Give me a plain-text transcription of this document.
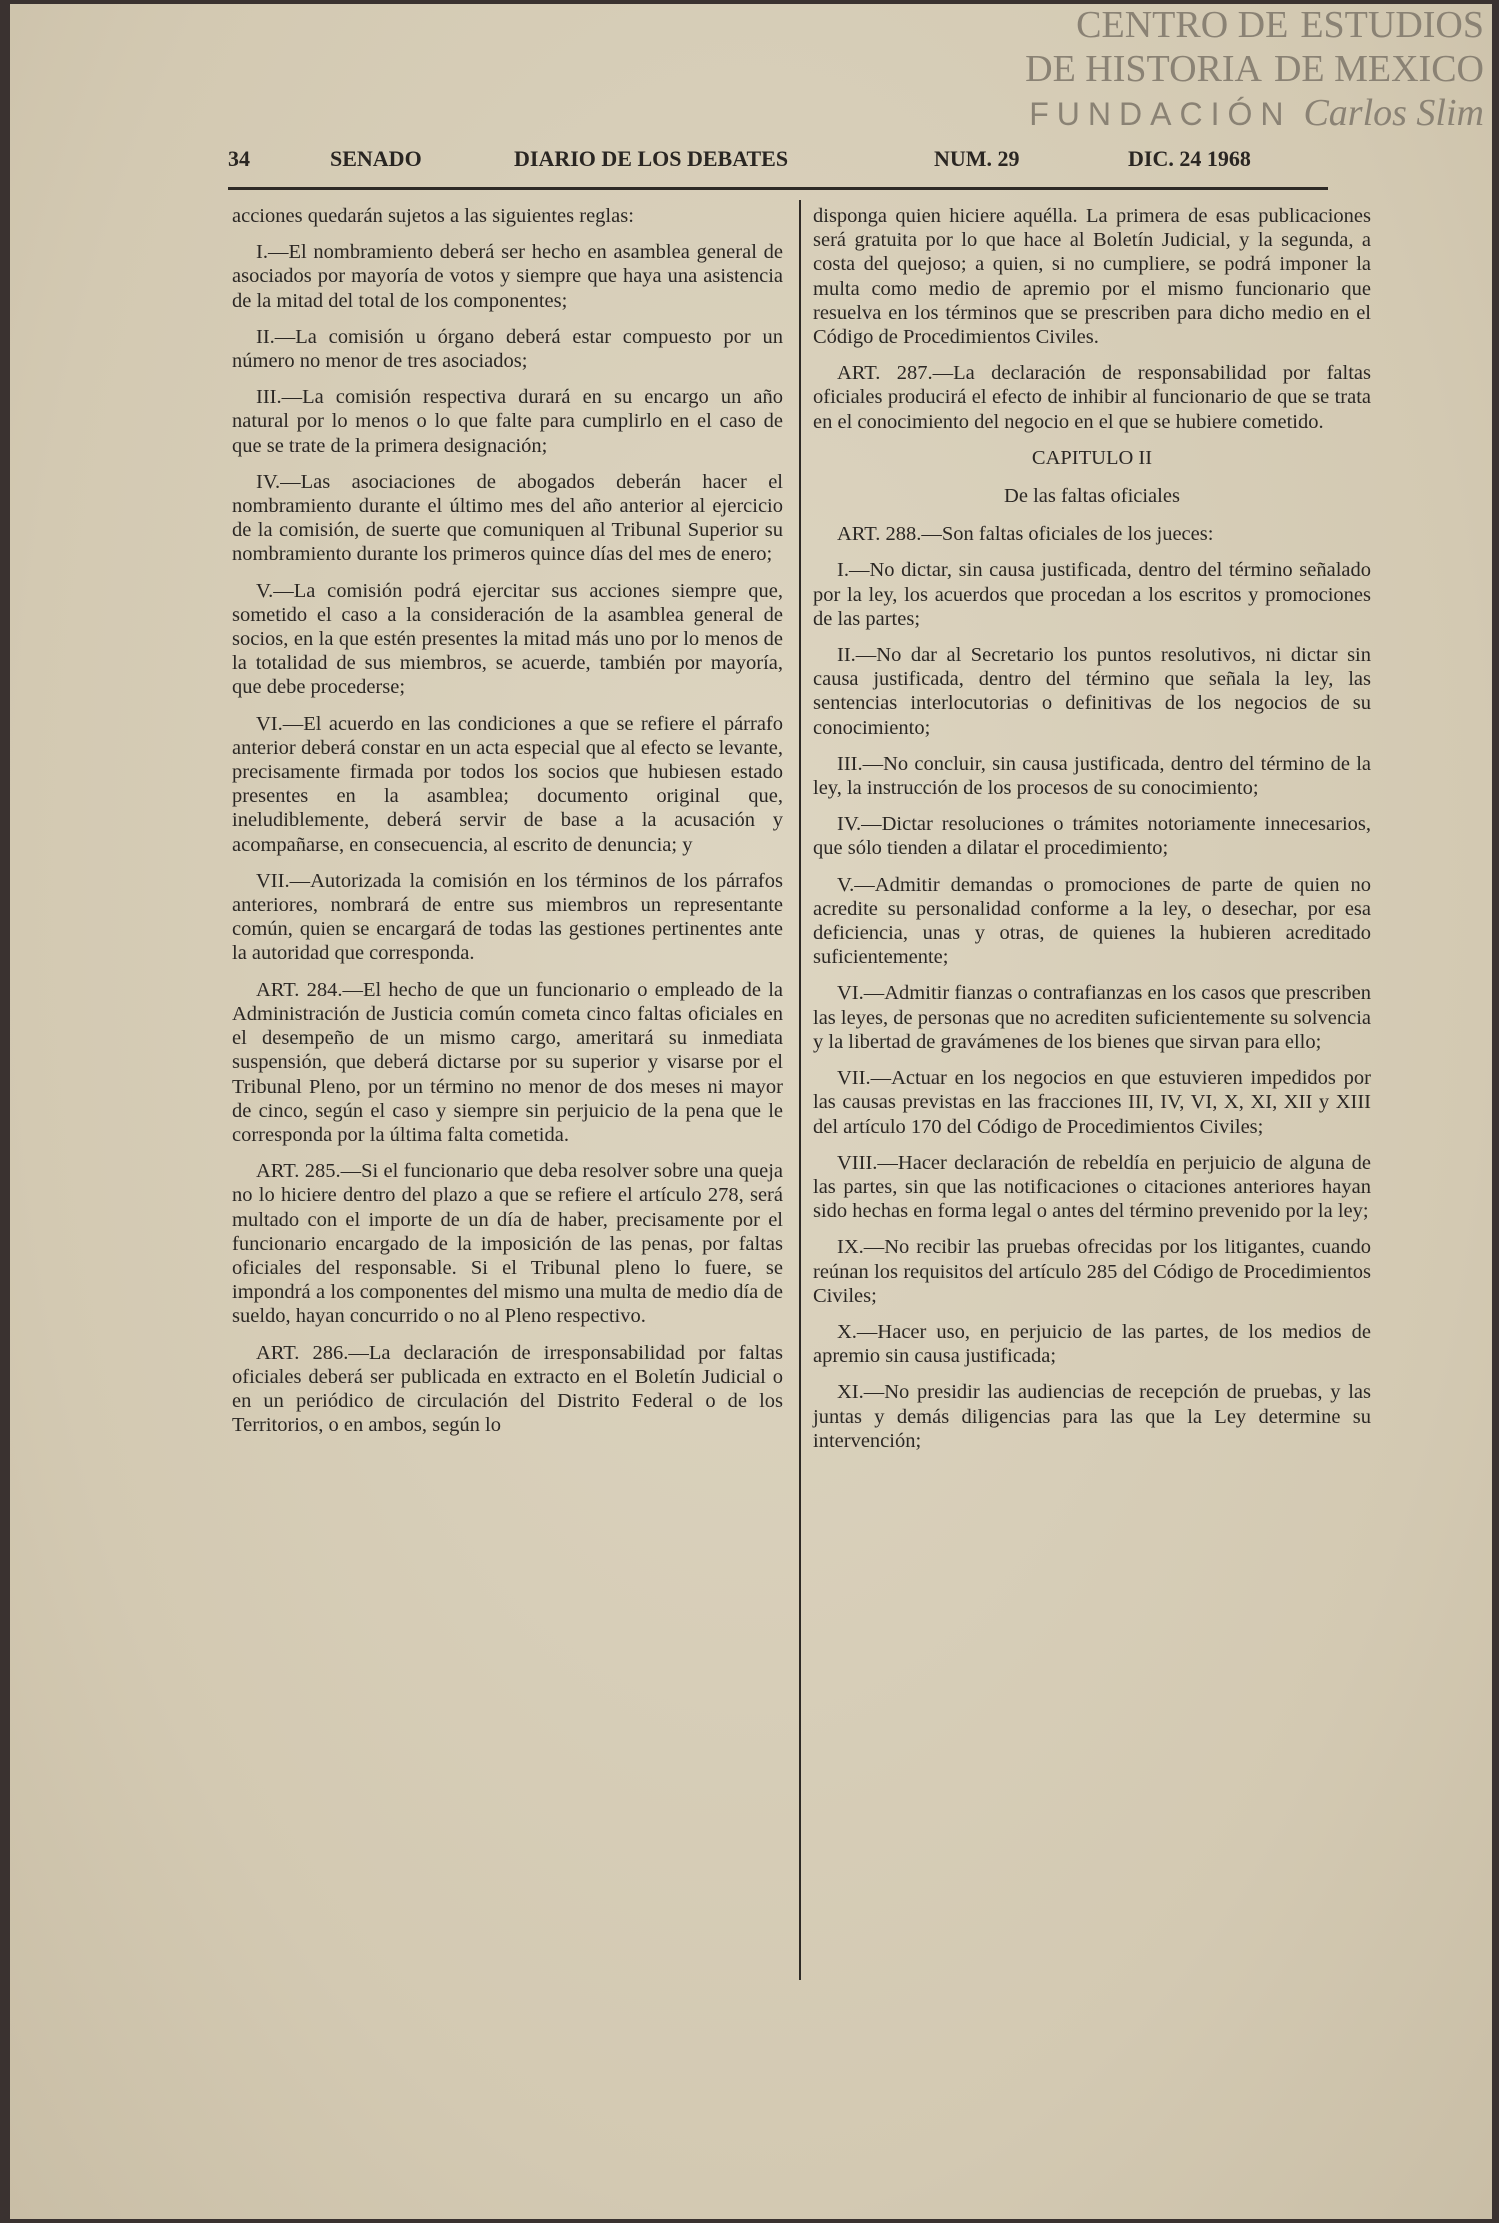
34	SENADO	DIARIO DE LOS DEBATES	NUM. 29	DIC. 24 1968

acciones quedarán sujetos a las siguientes reglas:

I.—El nombramiento deberá ser hecho en asamblea general de asociados por mayoría de votos y siempre que haya una asistencia de la mitad del total de los componentes;

II.—La comisión u órgano deberá estar compuesto por un número no menor de tres asociados;

III.—La comisión respectiva durará en su encargo un año natural por lo menos o lo que falte para cumplirlo en el caso de que se trate de la primera designación;

IV.—Las asociaciones de abogados deberán hacer el nombramiento durante el último mes del año anterior al ejercicio de la comisión, de suerte que comuniquen al Tribunal Superior su nombramiento durante los primeros quince días del mes de enero;

V.—La comisión podrá ejercitar sus acciones siempre que, sometido el caso a la consideración de la asamblea general de socios, en la que estén presentes la mitad más uno por lo menos de la totalidad de sus miembros, se acuerde, también por mayoría, que debe procederse;

VI.—El acuerdo en las condiciones a que se refiere el párrafo anterior deberá constar en un acta especial que al efecto se levante, precisamente firmada por todos los socios que hubiesen estado presentes en la asamblea; documento original que, ineludiblemente, deberá servir de base a la acusación y acompañarse, en consecuencia, al escrito de denuncia; y

VII.—Autorizada la comisión en los términos de los párrafos anteriores, nombrará de entre sus miembros un representante común, quien se encargará de todas las gestiones pertinentes ante la autoridad que corresponda.

ART. 284.—El hecho de que un funcionario o empleado de la Administración de Justicia común cometa cinco faltas oficiales en el desempeño de un mismo cargo, ameritará su inmediata suspensión, que deberá dictarse por su superior y visarse por el Tribunal Pleno, por un término no menor de dos meses ni mayor de cinco, según el caso y siempre sin perjuicio de la pena que le corresponda por la última falta cometida.

ART. 285.—Si el funcionario que deba resolver sobre una queja no lo hiciere dentro del plazo a que se refiere el artículo 278, será multado con el importe de un día de haber, precisamente por el funcionario encargado de la imposición de las penas, por faltas oficiales del responsable. Si el Tribunal pleno lo fuere, se impondrá a los componentes del mismo una multa de medio día de sueldo, hayan concurrido o no al Pleno respectivo.

ART. 286.—La declaración de irresponsabilidad por faltas oficiales deberá ser publicada en extracto en el Boletín Judicial o en un periódico de circulación del Distrito Federal o de los Territorios, o en ambos, según lo

disponga quien hiciere aquélla. La primera de esas publicaciones será gratuita por lo que hace al Boletín Judicial, y la segunda, a costa del quejoso; a quien, si no cumpliere, se podrá imponer la multa como medio de apremio por el mismo funcionario que resuelva en los términos que se prescriben para dicho medio en el Código de Procedimientos Civiles.

ART. 287.—La declaración de responsabilidad por faltas oficiales producirá el efecto de inhibir al funcionario de que se trata en el conocimiento del negocio en el que se hubiere cometido.

CAPITULO II

De las faltas oficiales

ART. 288.—Son faltas oficiales de los jueces:

I.—No dictar, sin causa justificada, dentro del término señalado por la ley, los acuerdos que procedan a los escritos y promociones de las partes;

II.—No dar al Secretario los puntos resolutivos, ni dictar sin causa justificada, dentro del término que señala la ley, las sentencias interlocutorias o definitivas de los negocios de su conocimiento;

III.—No concluir, sin causa justificada, dentro del término de la ley, la instrucción de los procesos de su conocimiento;

IV.—Dictar resoluciones o trámites notoriamente innecesarios, que sólo tienden a dilatar el procedimiento;

V.—Admitir demandas o promociones de parte de quien no acredite su personalidad conforme a la ley, o desechar, por esa deficiencia, unas y otras, de quienes la hubieren acreditado suficientemente;

VI.—Admitir fianzas o contrafianzas en los casos que prescriben las leyes, de personas que no acrediten suficientemente su solvencia y la libertad de gravámenes de los bienes que sirvan para ello;

VII.—Actuar en los negocios en que estuvieren impedidos por las causas previstas en las fracciones III, IV, VI, X, XI, XII y XIII del artículo 170 del Código de Procedimientos Civiles;

VIII.—Hacer declaración de rebeldía en perjuicio de alguna de las partes, sin que las notificaciones o citaciones anteriores hayan sido hechas en forma legal o antes del término prevenido por la ley;

IX.—No recibir las pruebas ofrecidas por los litigantes, cuando reúnan los requisitos del artículo 285 del Código de Procedimientos Civiles;

X.—Hacer uso, en perjuicio de las partes, de los medios de apremio sin causa justificada;

XI.—No presidir las audiencias de recepción de pruebas, y las juntas y demás diligencias para las que la Ley determine su intervención;

CENTRO DE ESTUDIOS
DE HISTORIA DE MEXICO
FUNDACIÓN Carlos Slim
